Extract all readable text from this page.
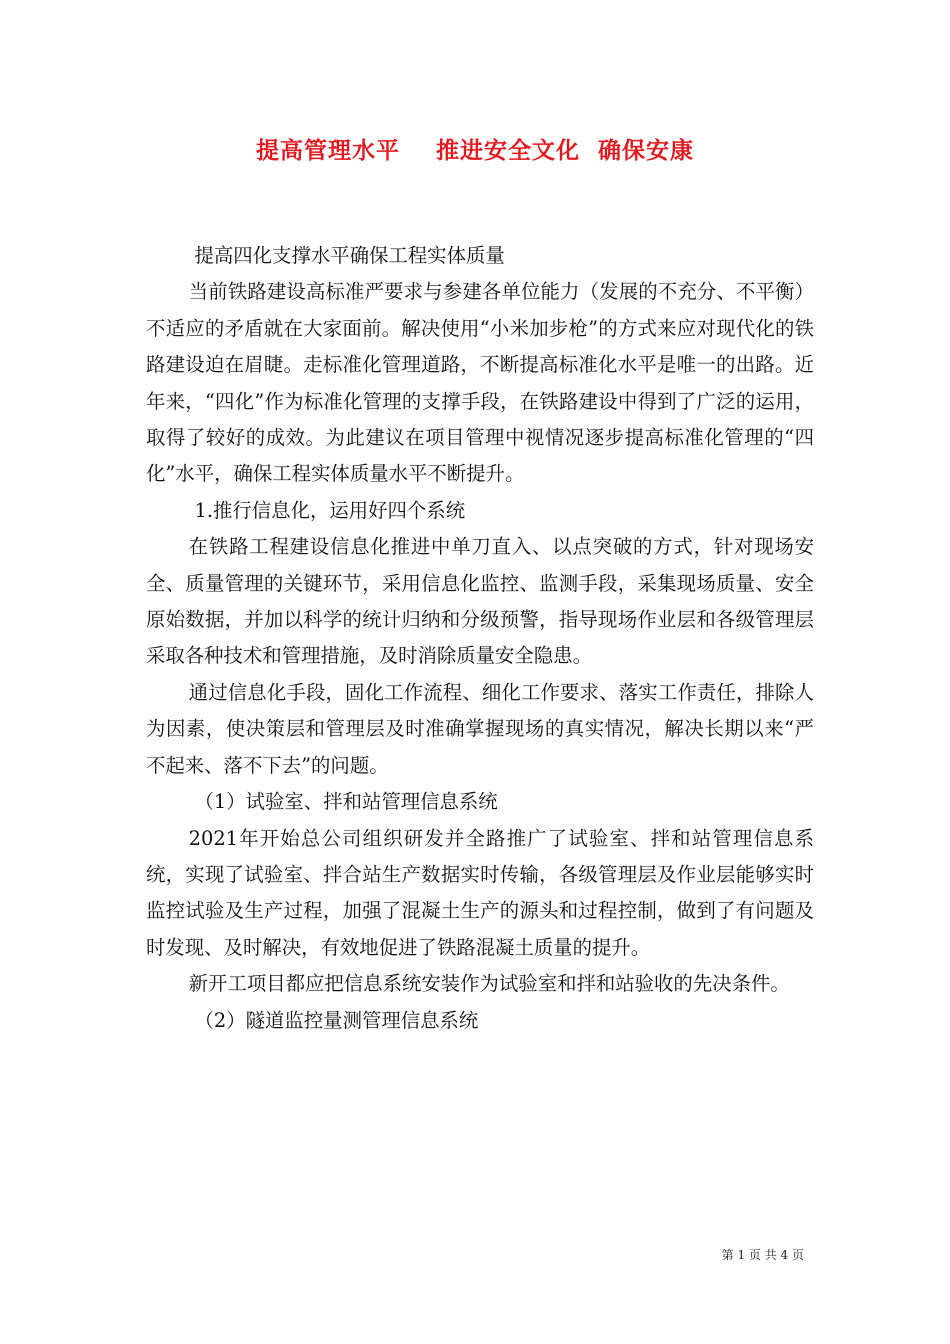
提高管理水平    推进安全文化  确保安康

提高四化支撑水平确保工程实体质量

当前铁路建设高标准严要求与参建各单位能力（发展的不充分、不平衡）不适应的矛盾就在大家面前。解决使用“小米加步枪”的方式来应对现代化的铁路建设迫在眉睫。走标准化管理道路，不断提高标准化水平是唯一的出路。近年来，“四化”作为标准化管理的支撑手段，在铁路建设中得到了广泛的运用，取得了较好的成效。为此建议在项目管理中视情况逐步提高标准化管理的“四化”水平，确保工程实体质量水平不断提升。

1.推行信息化，运用好四个系统

在铁路工程建设信息化推进中单刀直入、以点突破的方式，针对现场安全、质量管理的关键环节，采用信息化监控、监测手段，采集现场质量、安全原始数据，并加以科学的统计归纳和分级预警，指导现场作业层和各级管理层采取各种技术和管理措施，及时消除质量安全隐患。

通过信息化手段，固化工作流程、细化工作要求、落实工作责任，排除人为因素，使决策层和管理层及时准确掌握现场的真实情况，解决长期以来“严不起来、落不下去”的问题。

（1）试验室、拌和站管理信息系统

2021年开始总公司组织研发并全路推广了试验室、拌和站管理信息系统，实现了试验室、拌合站生产数据实时传输，各级管理层及作业层能够实时监控试验及生产过程，加强了混凝土生产的源头和过程控制，做到了有问题及时发现、及时解决，有效地促进了铁路混凝土质量的提升。

新开工项目都应把信息系统安装作为试验室和拌和站验收的先决条件。

（2）隧道监控量测管理信息系统

第 1 页 共 4 页
